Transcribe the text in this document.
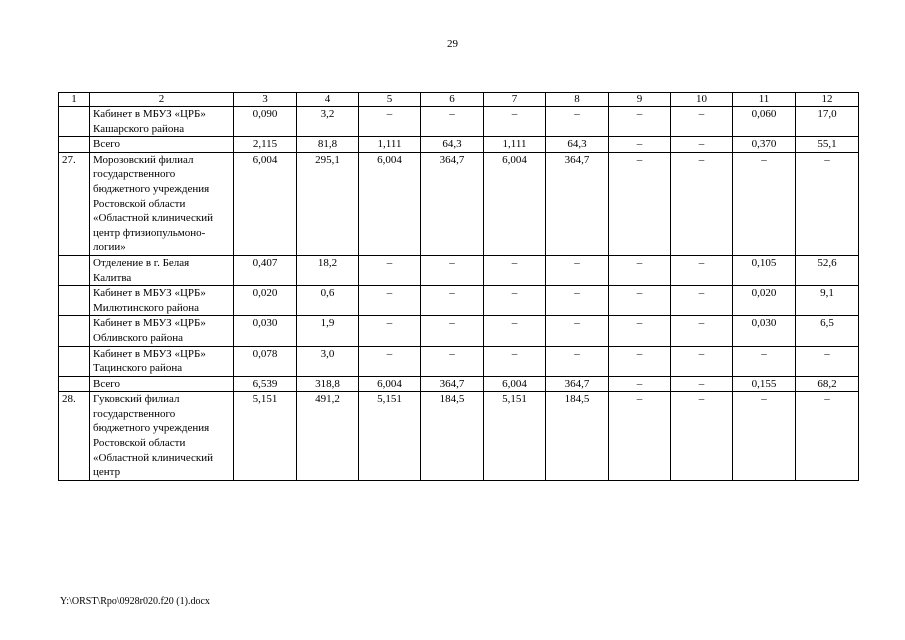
29
1	2	3	4	5	6	7	8	9	10	11	12
	Кабинет в МБУЗ «ЦРБ» Кашарского района	0,090	3,2	–	–	–	–	–	–	0,060	17,0
	Всего	2,115	81,8	1,111	64,3	1,111	64,3	–	–	0,370	55,1
27.	Морозовский филиал государственного бюджетного учреждения Ростовской области «Областной клинический центр фтизиопульмоно-логии»	6,004	295,1	6,004	364,7	6,004	364,7	–	–	–	–
	Отделение в г. Белая Калитва	0,407	18,2	–	–	–	–	–	–	0,105	52,6
	Кабинет в МБУЗ «ЦРБ» Милютинского района	0,020	0,6	–	–	–	–	–	–	0,020	9,1
	Кабинет в МБУЗ «ЦРБ» Обливского района	0,030	1,9	–	–	–	–	–	–	0,030	6,5
	Кабинет в МБУЗ «ЦРБ» Тацинского района	0,078	3,0	–	–	–	–	–	–	–	–
	Всего	6,539	318,8	6,004	364,7	6,004	364,7	–	–	0,155	68,2
28.	Гуковский филиал государственного бюджетного учреждения Ростовской области «Областной клинический центр	5,151	491,2	5,151	184,5	5,151	184,5	–	–	–	–
Y:\ORST\Rpo\0928r020.f20 (1).docx
